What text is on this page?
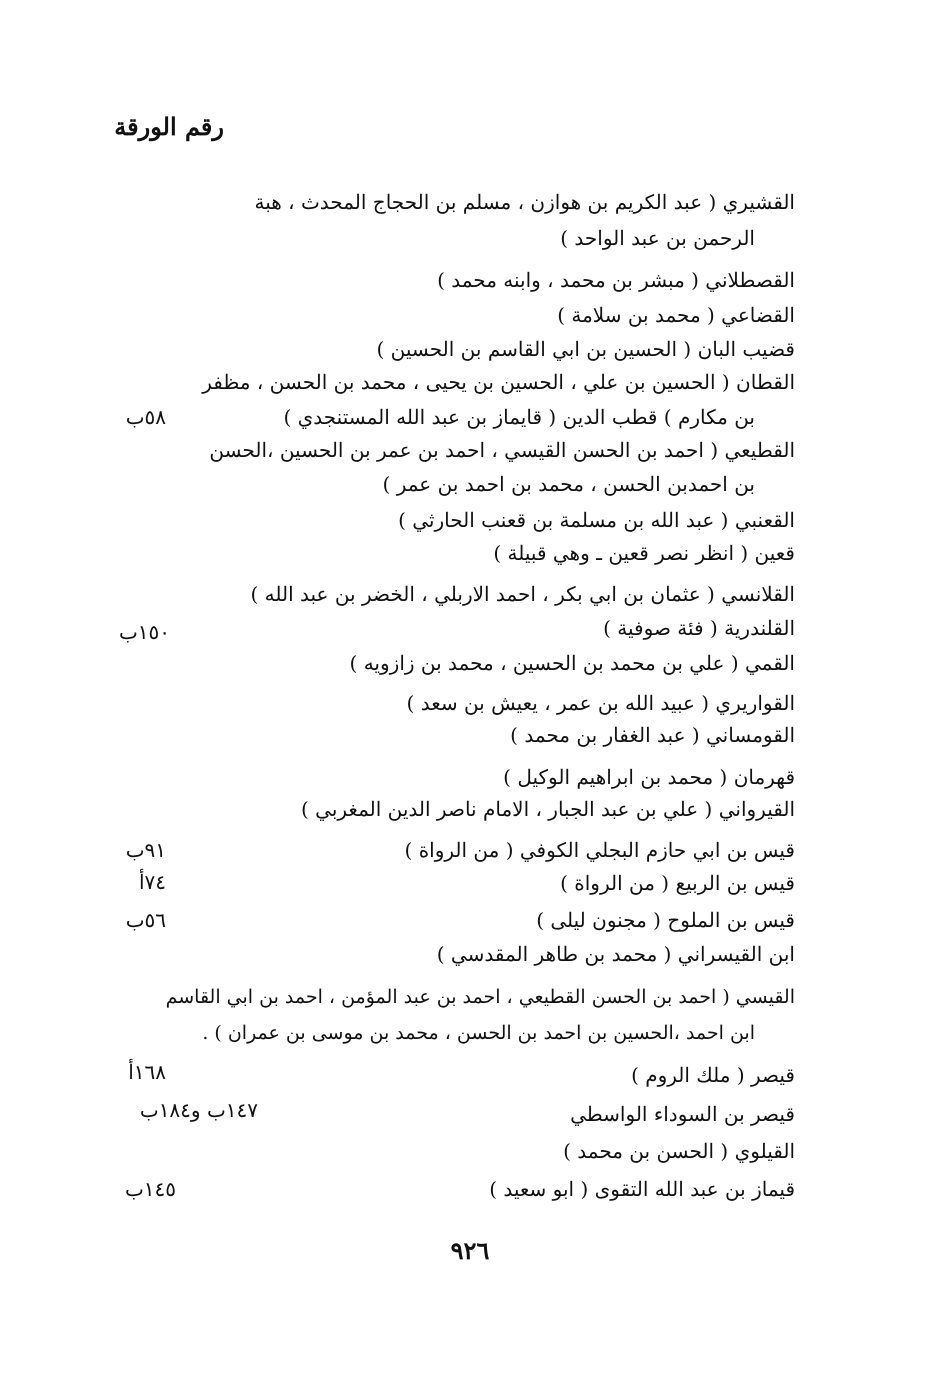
رقم الورقة
القشيري ( عبد الكريم بن هوازن ، مسلم بن الحجاج المحدث ، هبة
الرحمن بن عبد الواحد )
القصطلاني ( مبشر بن محمد ، وابنه محمد )
القضاعي ( محمد بن سلامة )
قضيب البان ( الحسين بن ابي القاسم بن الحسين )
القطان ( الحسين بن علي ، الحسين بن يحيى ، محمد بن الحسن ، مظفر
بن مكارم ) قطب الدين ( قايماز بن عبد الله المستنجدي )
القطيعي ( احمد بن الحسن القيسي ، احمد بن عمر بن الحسين ،الحسن
بن احمدبن الحسن ، محمد بن احمد بن عمر )
القعنبي ( عبد الله بن مسلمة بن قعنب الحارثي )
قعين ( انظر نصر قعين ـ وهي قبيلة )
القلانسي ( عثمان بن ابي بكر ، احمد الاربلي ، الخضر بن عبد الله )
القلندرية ( فئة صوفية )
القمي ( علي بن محمد بن الحسين ، محمد بن زازويه )
القواريري ( عبيد الله بن عمر ، يعيش بن سعد )
القومساني ( عبد الغفار بن محمد )
قهرمان ( محمد بن ابراهيم الوكيل )
القيرواني ( علي بن عبد الجبار ، الامام ناصر الدين المغربي )
قيس بن ابي حازم البجلي الكوفي ( من الرواة )
قيس بن الربيع ( من الرواة )
قيس بن الملوح ( مجنون ليلى )
ابن القيسراني ( محمد بن طاهر المقدسي )
القيسي ( احمد بن الحسن القطيعي ، احمد بن عبد المؤمن ، احمد بن ابي القاسم
ابن احمد ،الحسين بن احمد بن الحسن ، محمد بن موسى بن عمران ) .
قيصر ( ملك الروم )
قيصر بن السوداء الواسطي
القيلوي ( الحسن بن محمد )
قيماز بن عبد الله التقوى ( ابو سعيد )
٥٨ب
١٥٠ب
٩١ب
٧٤أ
٥٦ب
١٦٨أ
١٤٧ب و١٨٤ب
١٤٥ب
٩٢٦
